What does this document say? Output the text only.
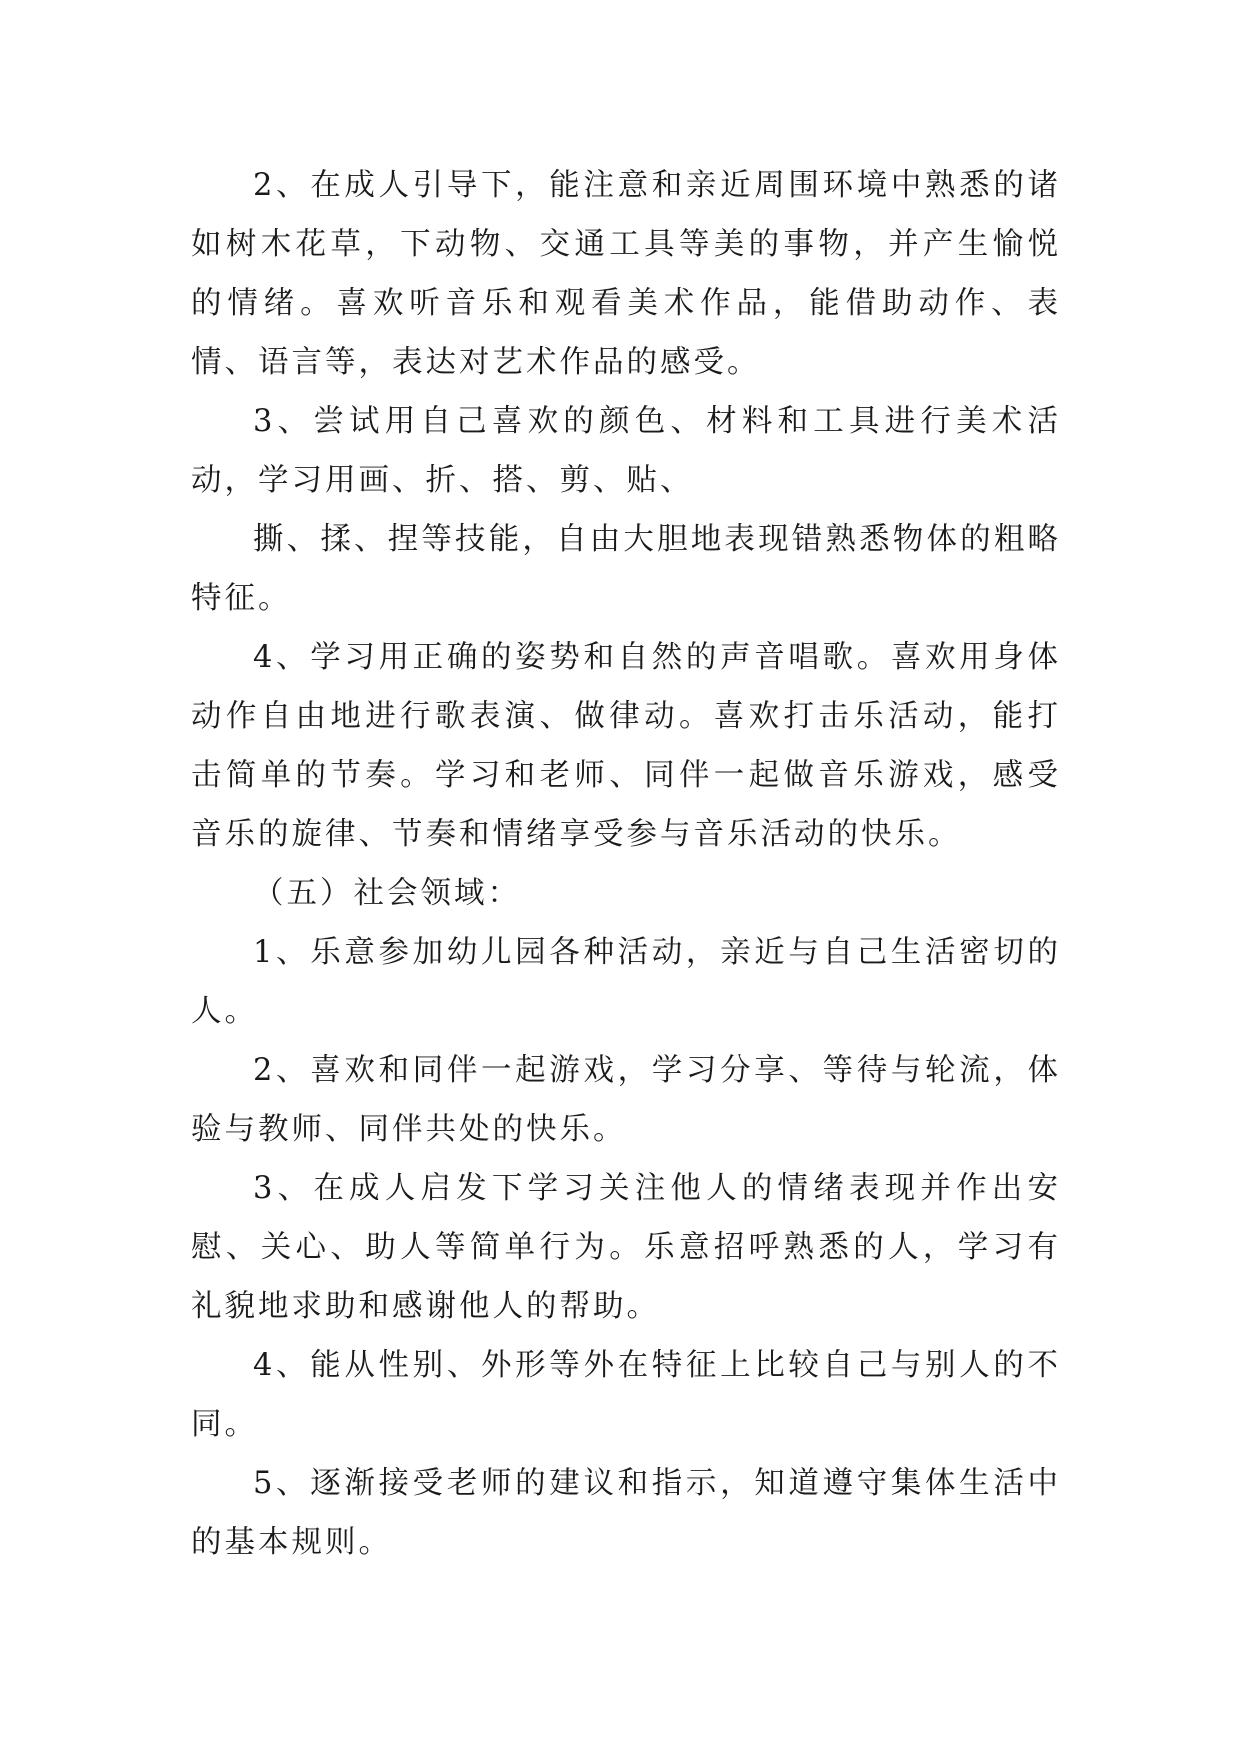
2、在成人引导下，能注意和亲近周围环境中熟悉的诸如树木花草，下动物、交通工具等美的事物，并产生愉悦的情绪。喜欢听音乐和观看美术作品，能借助动作、表情、语言等，表达对艺术作品的感受。

3、尝试用自己喜欢的颜色、材料和工具进行美术活动，学习用画、折、搭、剪、贴、

撕、揉、捏等技能，自由大胆地表现错熟悉物体的粗略特征。

4、学习用正确的姿势和自然的声音唱歌。喜欢用身体动作自由地进行歌表演、做律动。喜欢打击乐活动，能打击简单的节奏。学习和老师、同伴一起做音乐游戏，感受音乐的旋律、节奏和情绪享受参与音乐活动的快乐。

（五）社会领域：

1、乐意参加幼儿园各种活动，亲近与自己生活密切的人。

2、喜欢和同伴一起游戏，学习分享、等待与轮流，体验与教师、同伴共处的快乐。

3、在成人启发下学习关注他人的情绪表现并作出安慰、关心、助人等简单行为。乐意招呼熟悉的人，学习有礼貌地求助和感谢他人的帮助。

4、能从性别、外形等外在特征上比较自己与别人的不同。

5、逐渐接受老师的建议和指示，知道遵守集体生活中的基本规则。
